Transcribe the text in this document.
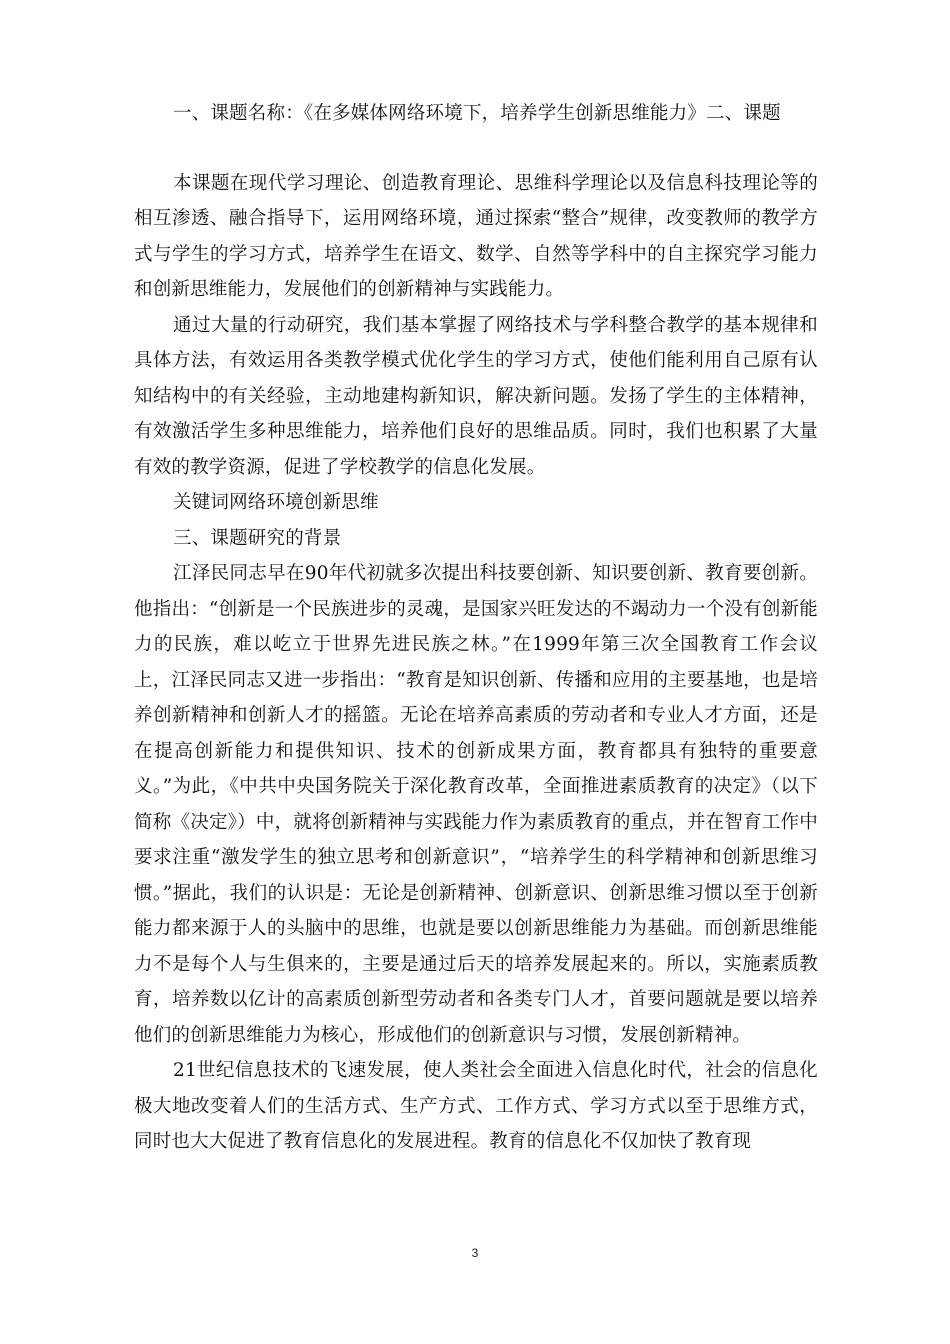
一、课题名称：《在多媒体网络环境下，培养学生创新思维能力》二、课题

本课题在现代学习理论、创造教育理论、思维科学理论以及信息科技理论等的相互渗透、融合指导下，运用网络环境，通过探索“整合”规律，改变教师的教学方式与学生的学习方式，培养学生在语文、数学、自然等学科中的自主探究学习能力和创新思维能力，发展他们的创新精神与实践能力。

通过大量的行动研究，我们基本掌握了网络技术与学科整合教学的基本规律和具体方法，有效运用各类教学模式优化学生的学习方式，使他们能利用自己原有认知结构中的有关经验，主动地建构新知识，解决新问题。发扬了学生的主体精神，有效激活学生多种思维能力，培养他们良好的思维品质。同时，我们也积累了大量有效的教学资源，促进了学校教学的信息化发展。

关键词网络环境创新思维

三、课题研究的背景

江泽民同志早在90年代初就多次提出科技要创新、知识要创新、教育要创新。他指出：“创新是一个民族进步的灵魂，是国家兴旺发达的不竭动力一个没有创新能力的民族，难以屹立于世界先进民族之林。”在1999年第三次全国教育工作会议上，江泽民同志又进一步指出：“教育是知识创新、传播和应用的主要基地，也是培养创新精神和创新人才的摇篮。无论在培养高素质的劳动者和专业人才方面，还是在提高创新能力和提供知识、技术的创新成果方面，教育都具有独特的重要意义。”为此，《中共中央国务院关于深化教育改革，全面推进素质教育的决定》（以下简称《决定》）中，就将创新精神与实践能力作为素质教育的重点，并在智育工作中要求注重“激发学生的独立思考和创新意识”，“培养学生的科学精神和创新思维习惯。”据此，我们的认识是：无论是创新精神、创新意识、创新思维习惯以至于创新能力都来源于人的头脑中的思维，也就是要以创新思维能力为基础。而创新思维能力不是每个人与生俱来的，主要是通过后天的培养发展起来的。所以，实施素质教育，培养数以亿计的高素质创新型劳动者和各类专门人才，首要问题就是要以培养他们的创新思维能力为核心，形成他们的创新意识与习惯，发展创新精神。

21世纪信息技术的飞速发展，使人类社会全面进入信息化时代，社会的信息化极大地改变着人们的生活方式、生产方式、工作方式、学习方式以至于思维方式，同时也大大促进了教育信息化的发展进程。教育的信息化不仅加快了教育现

3
